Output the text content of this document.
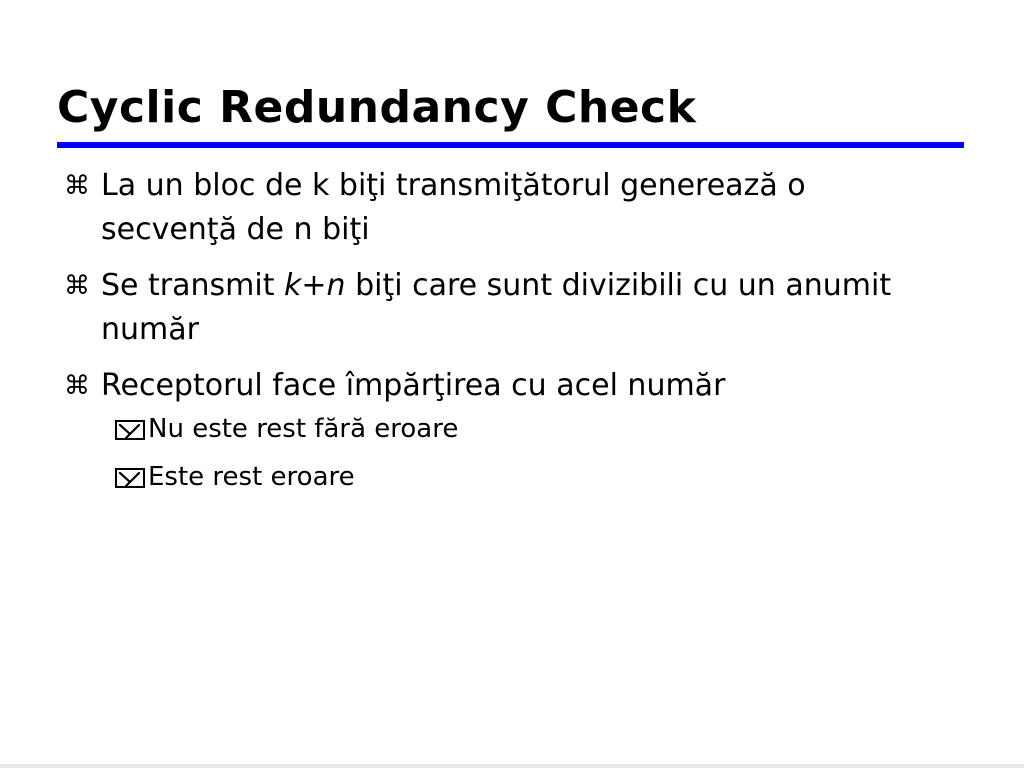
Cyclic Redundancy Check
⌘ La un bloc de k biţi transmiţătorul generează o secvenţă de n biţi
⌘ Se transmit k+n biţi care sunt divizibili cu un anumit număr
⌘ Receptorul face împărţirea cu acel număr
Nu este rest fără eroare
Este rest eroare
